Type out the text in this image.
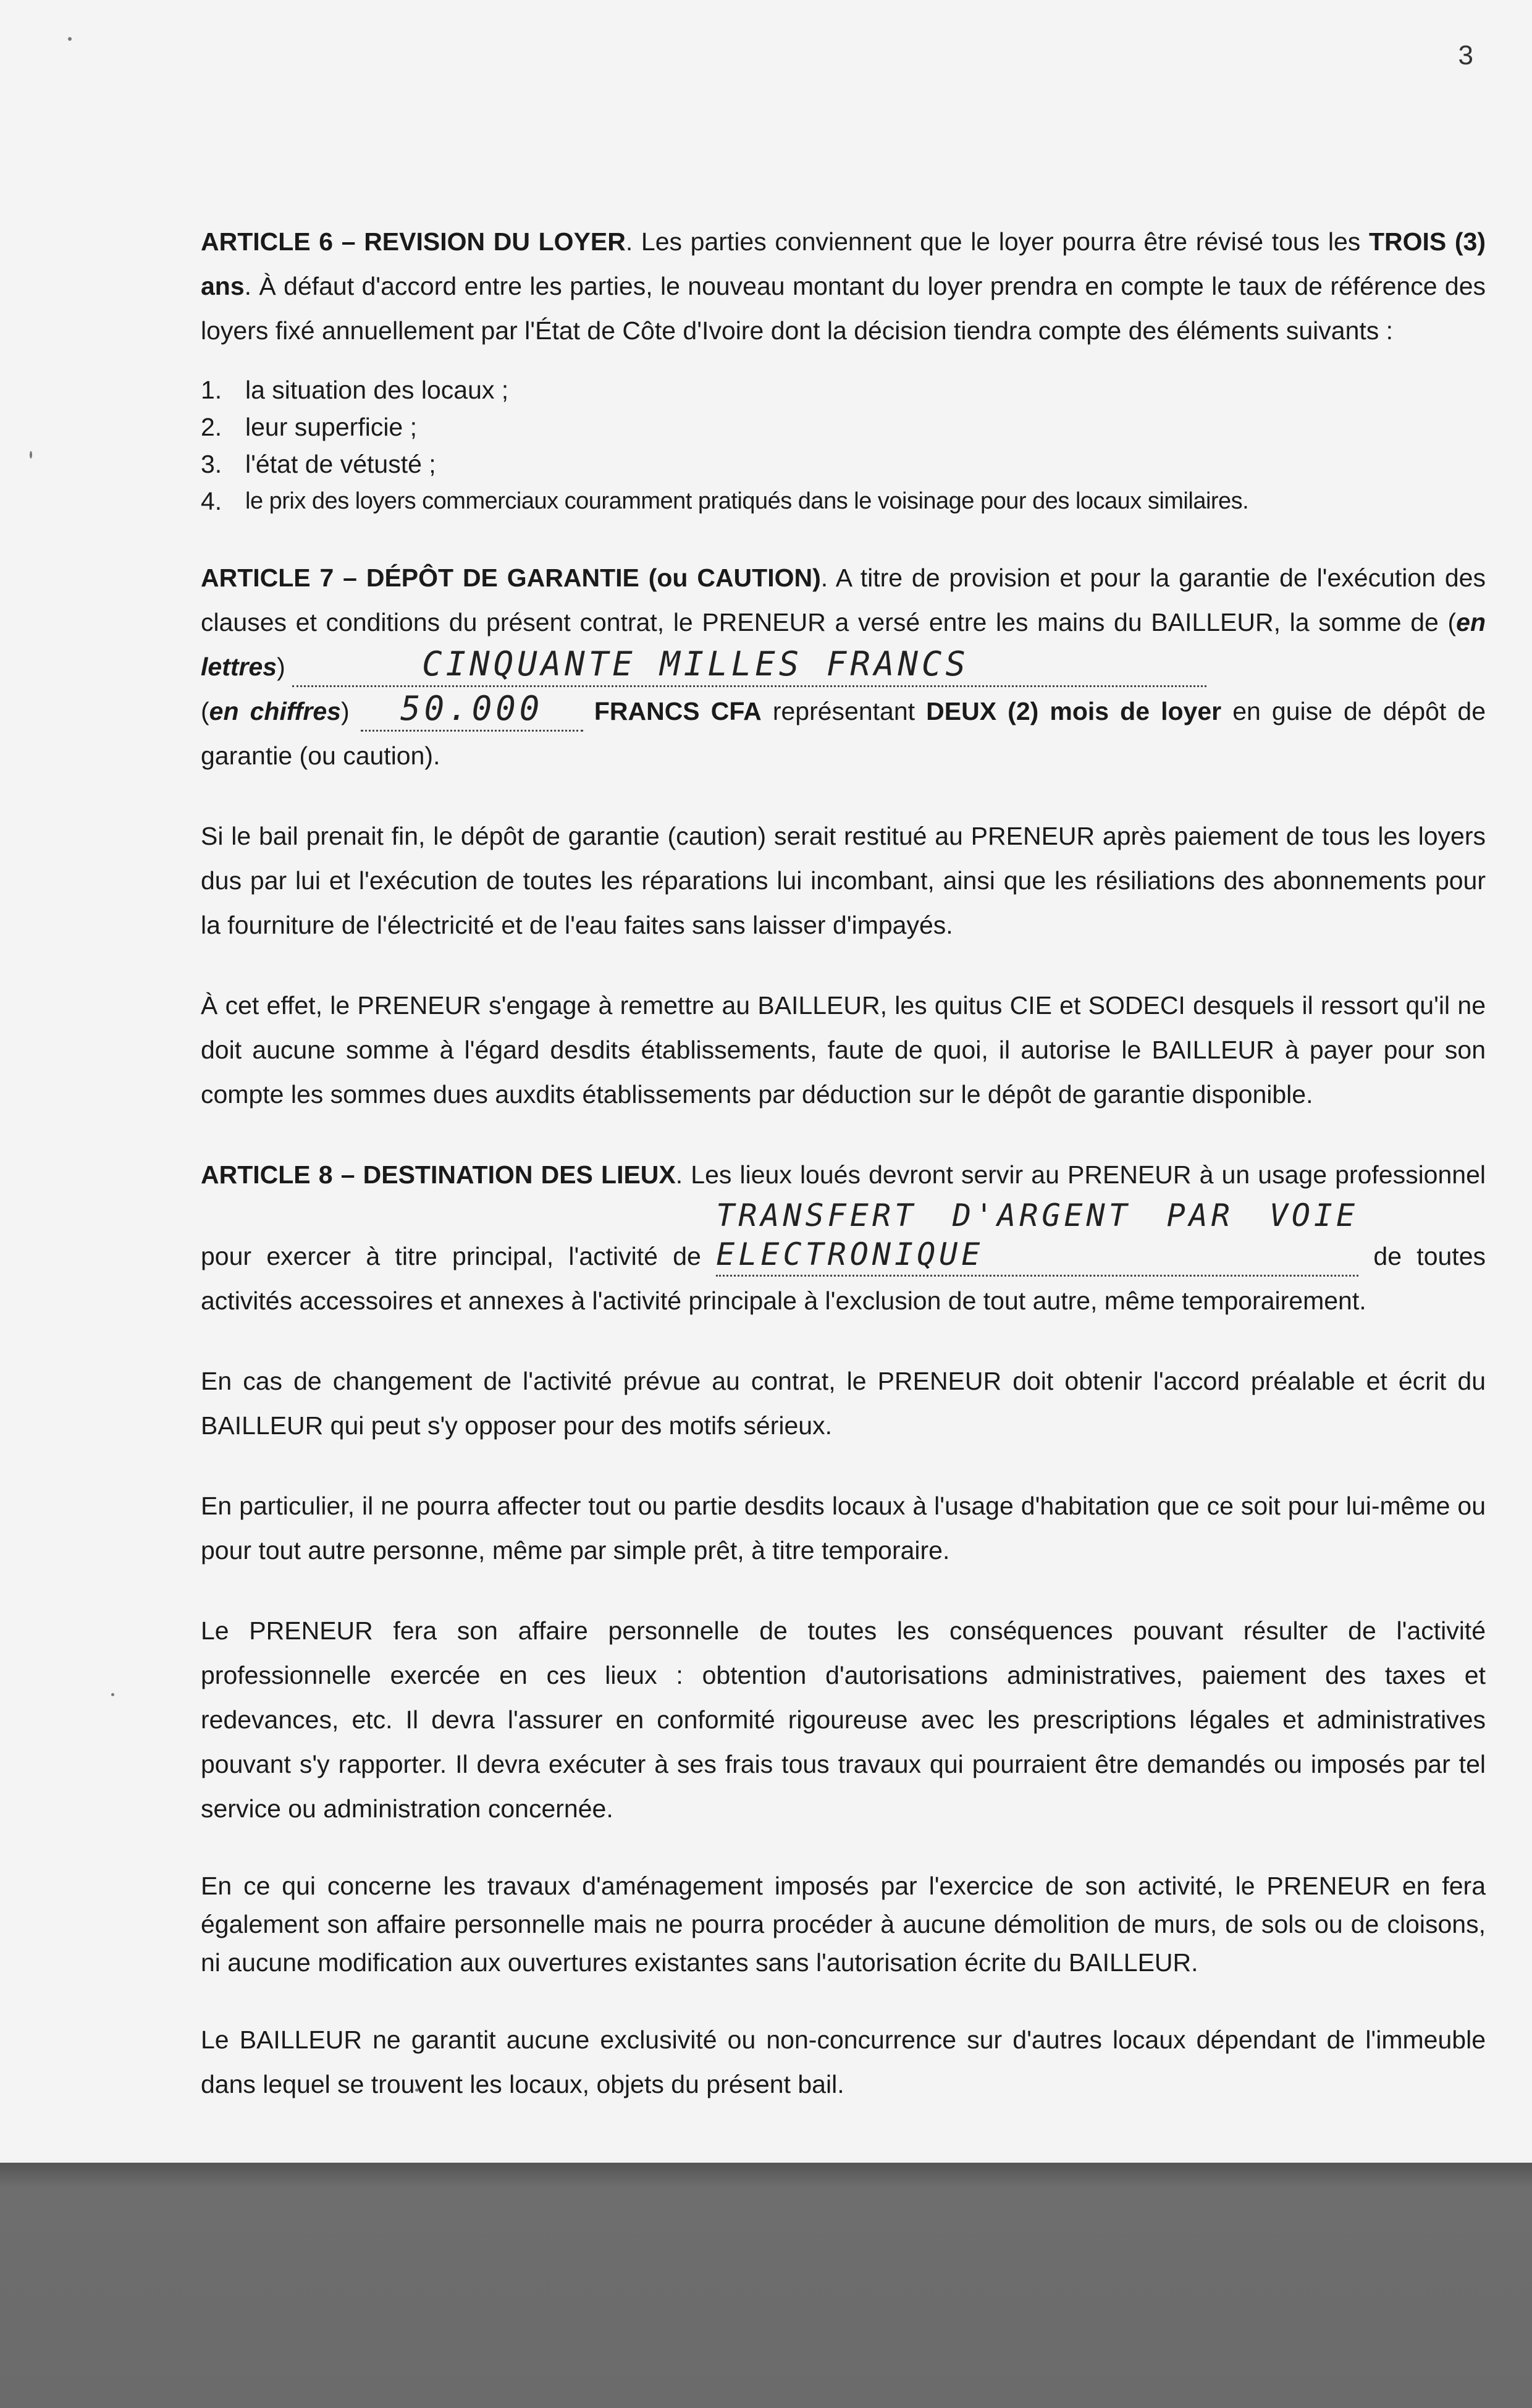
3

ARTICLE 6 – REVISION DU LOYER. Les parties conviennent que le loyer pourra être révisé tous les TROIS (3) ans. À défaut d'accord entre les parties, le nouveau montant du loyer prendra en compte le taux de référence des loyers fixé annuellement par l'État de Côte d'Ivoire dont la décision tiendra compte des éléments suivants :

1. la situation des locaux ;
2. leur superficie ;
3. l'état de vétusté ;
4. le prix des loyers commerciaux couramment pratiqués dans le voisinage pour des locaux similaires.

ARTICLE 7 – DÉPÔT DE GARANTIE (ou CAUTION). A titre de provision et pour la garantie de l'exécution des clauses et conditions du présent contrat, le PRENEUR a versé entre les mains du BAILLEUR, la somme de (en lettres)	CINQUANTE MILLES FRANCS
(en chiffres) 50.000 FRANCS CFA représentant DEUX (2) mois de loyer en guise de dépôt de garantie (ou caution).

Si le bail prenait fin, le dépôt de garantie (caution) serait restitué au PRENEUR après paiement de tous les loyers dus par lui et l'exécution de toutes les réparations lui incombant, ainsi que les résiliations des abonnements pour la fourniture de l'électricité et de l'eau faites sans laisser d'impayés.

À cet effet, le PRENEUR s'engage à remettre au BAILLEUR, les quitus CIE et SODECI desquels il ressort qu'il ne doit aucune somme à l'égard desdits établissements, faute de quoi, il autorise le BAILLEUR à payer pour son compte les sommes dues auxdits établissements par déduction sur le dépôt de garantie disponible.

ARTICLE 8 – DESTINATION DES LIEUX. Les lieux loués devront servir au PRENEUR à un usage professionnel pour exercer à titre principal, l'activité de TRANSFERT D'ARGENT PAR VOIE ELECTRONIQUE	de toutes activités accessoires et annexes à l'activité principale à l'exclusion de tout autre, même temporairement.

En cas de changement de l'activité prévue au contrat, le PRENEUR doit obtenir l'accord préalable et écrit du BAILLEUR qui peut s'y opposer pour des motifs sérieux.

En particulier, il ne pourra affecter tout ou partie desdits locaux à l'usage d'habitation que ce soit pour lui-même ou pour tout autre personne, même par simple prêt, à titre temporaire.

Le PRENEUR fera son affaire personnelle de toutes les conséquences pouvant résulter de l'activité professionnelle exercée en ces lieux : obtention d'autorisations administratives, paiement des taxes et redevances, etc. Il devra l'assurer en conformité rigoureuse avec les prescriptions légales et administratives pouvant s'y rapporter. Il devra exécuter à ses frais tous travaux qui pourraient être demandés ou imposés par tel service ou administration concernée.

En ce qui concerne les travaux d'aménagement imposés par l'exercice de son activité, le PRENEUR en fera également son affaire personnelle mais ne pourra procéder à aucune démolition de murs, de sols ou de cloisons, ni aucune modification aux ouvertures existantes sans l'autorisation écrite du BAILLEUR.

Le BAILLEUR ne garantit aucune exclusivité ou non-concurrence sur d'autres locaux dépendant de l'immeuble dans lequel se trouvent les locaux, objets du présent bail.
